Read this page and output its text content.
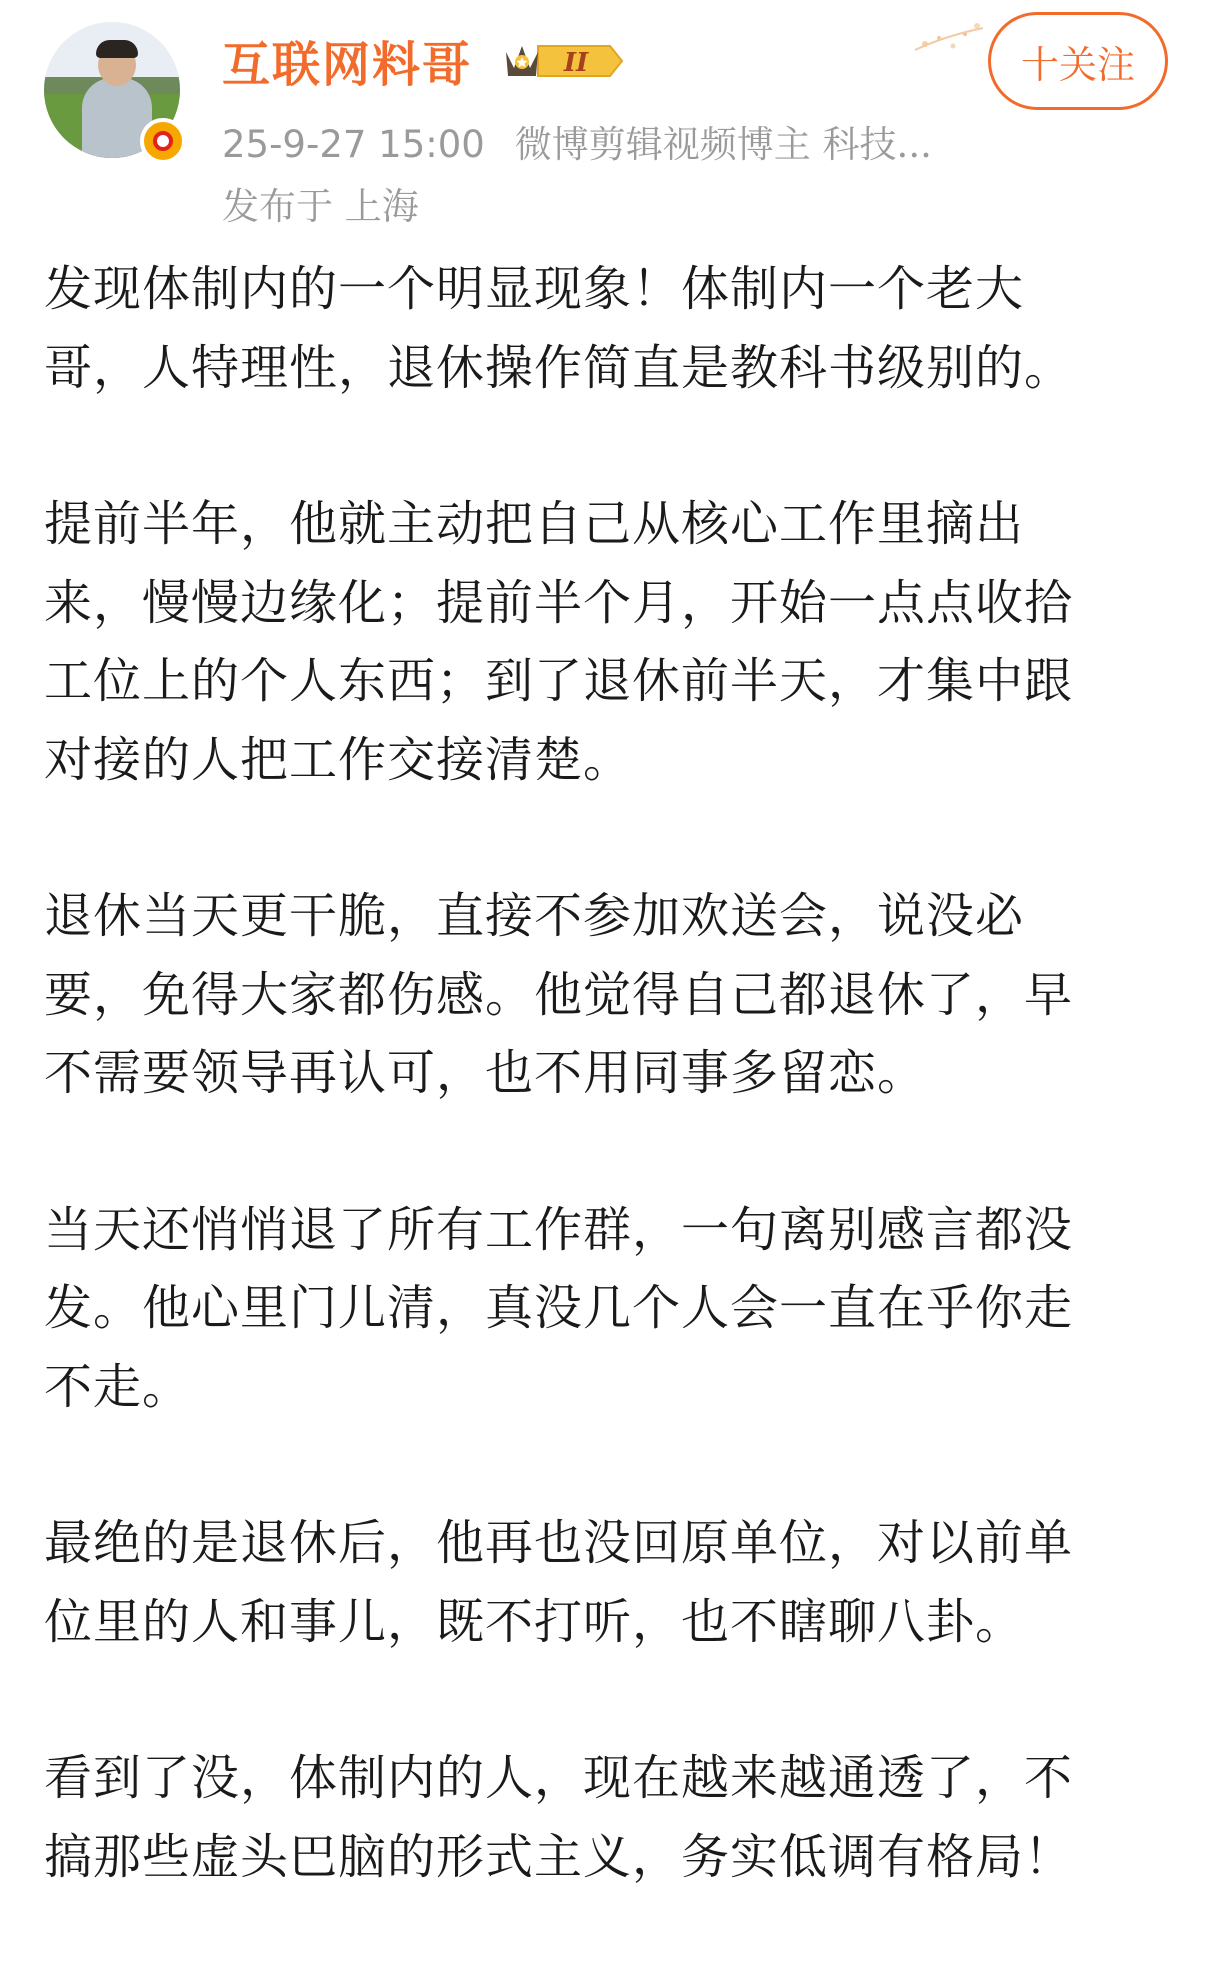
互联网料哥	II	十关注
25-9-27 15:00 微博剪辑视频博主 科技...
发布于 上海

发现体制内的一个明显现象！体制内一个老大
哥，人特理性，退休操作简直是教科书级别的。

提前半年，他就主动把自己从核心工作里摘出
来，慢慢边缘化；提前半个月，开始一点点收拾
工位上的个人东西；到了退休前半天，才集中跟
对接的人把工作交接清楚。

退休当天更干脆，直接不参加欢送会，说没必
要，免得大家都伤感。他觉得自己都退休了，早
不需要领导再认可，也不用同事多留恋。

当天还悄悄退了所有工作群，一句离别感言都没
发。他心里门儿清，真没几个人会一直在乎你走
不走。

最绝的是退休后，他再也没回原单位，对以前单
位里的人和事儿，既不打听，也不瞎聊八卦。

看到了没，体制内的人，现在越来越通透了，不
搞那些虚头巴脑的形式主义，务实低调有格局！
